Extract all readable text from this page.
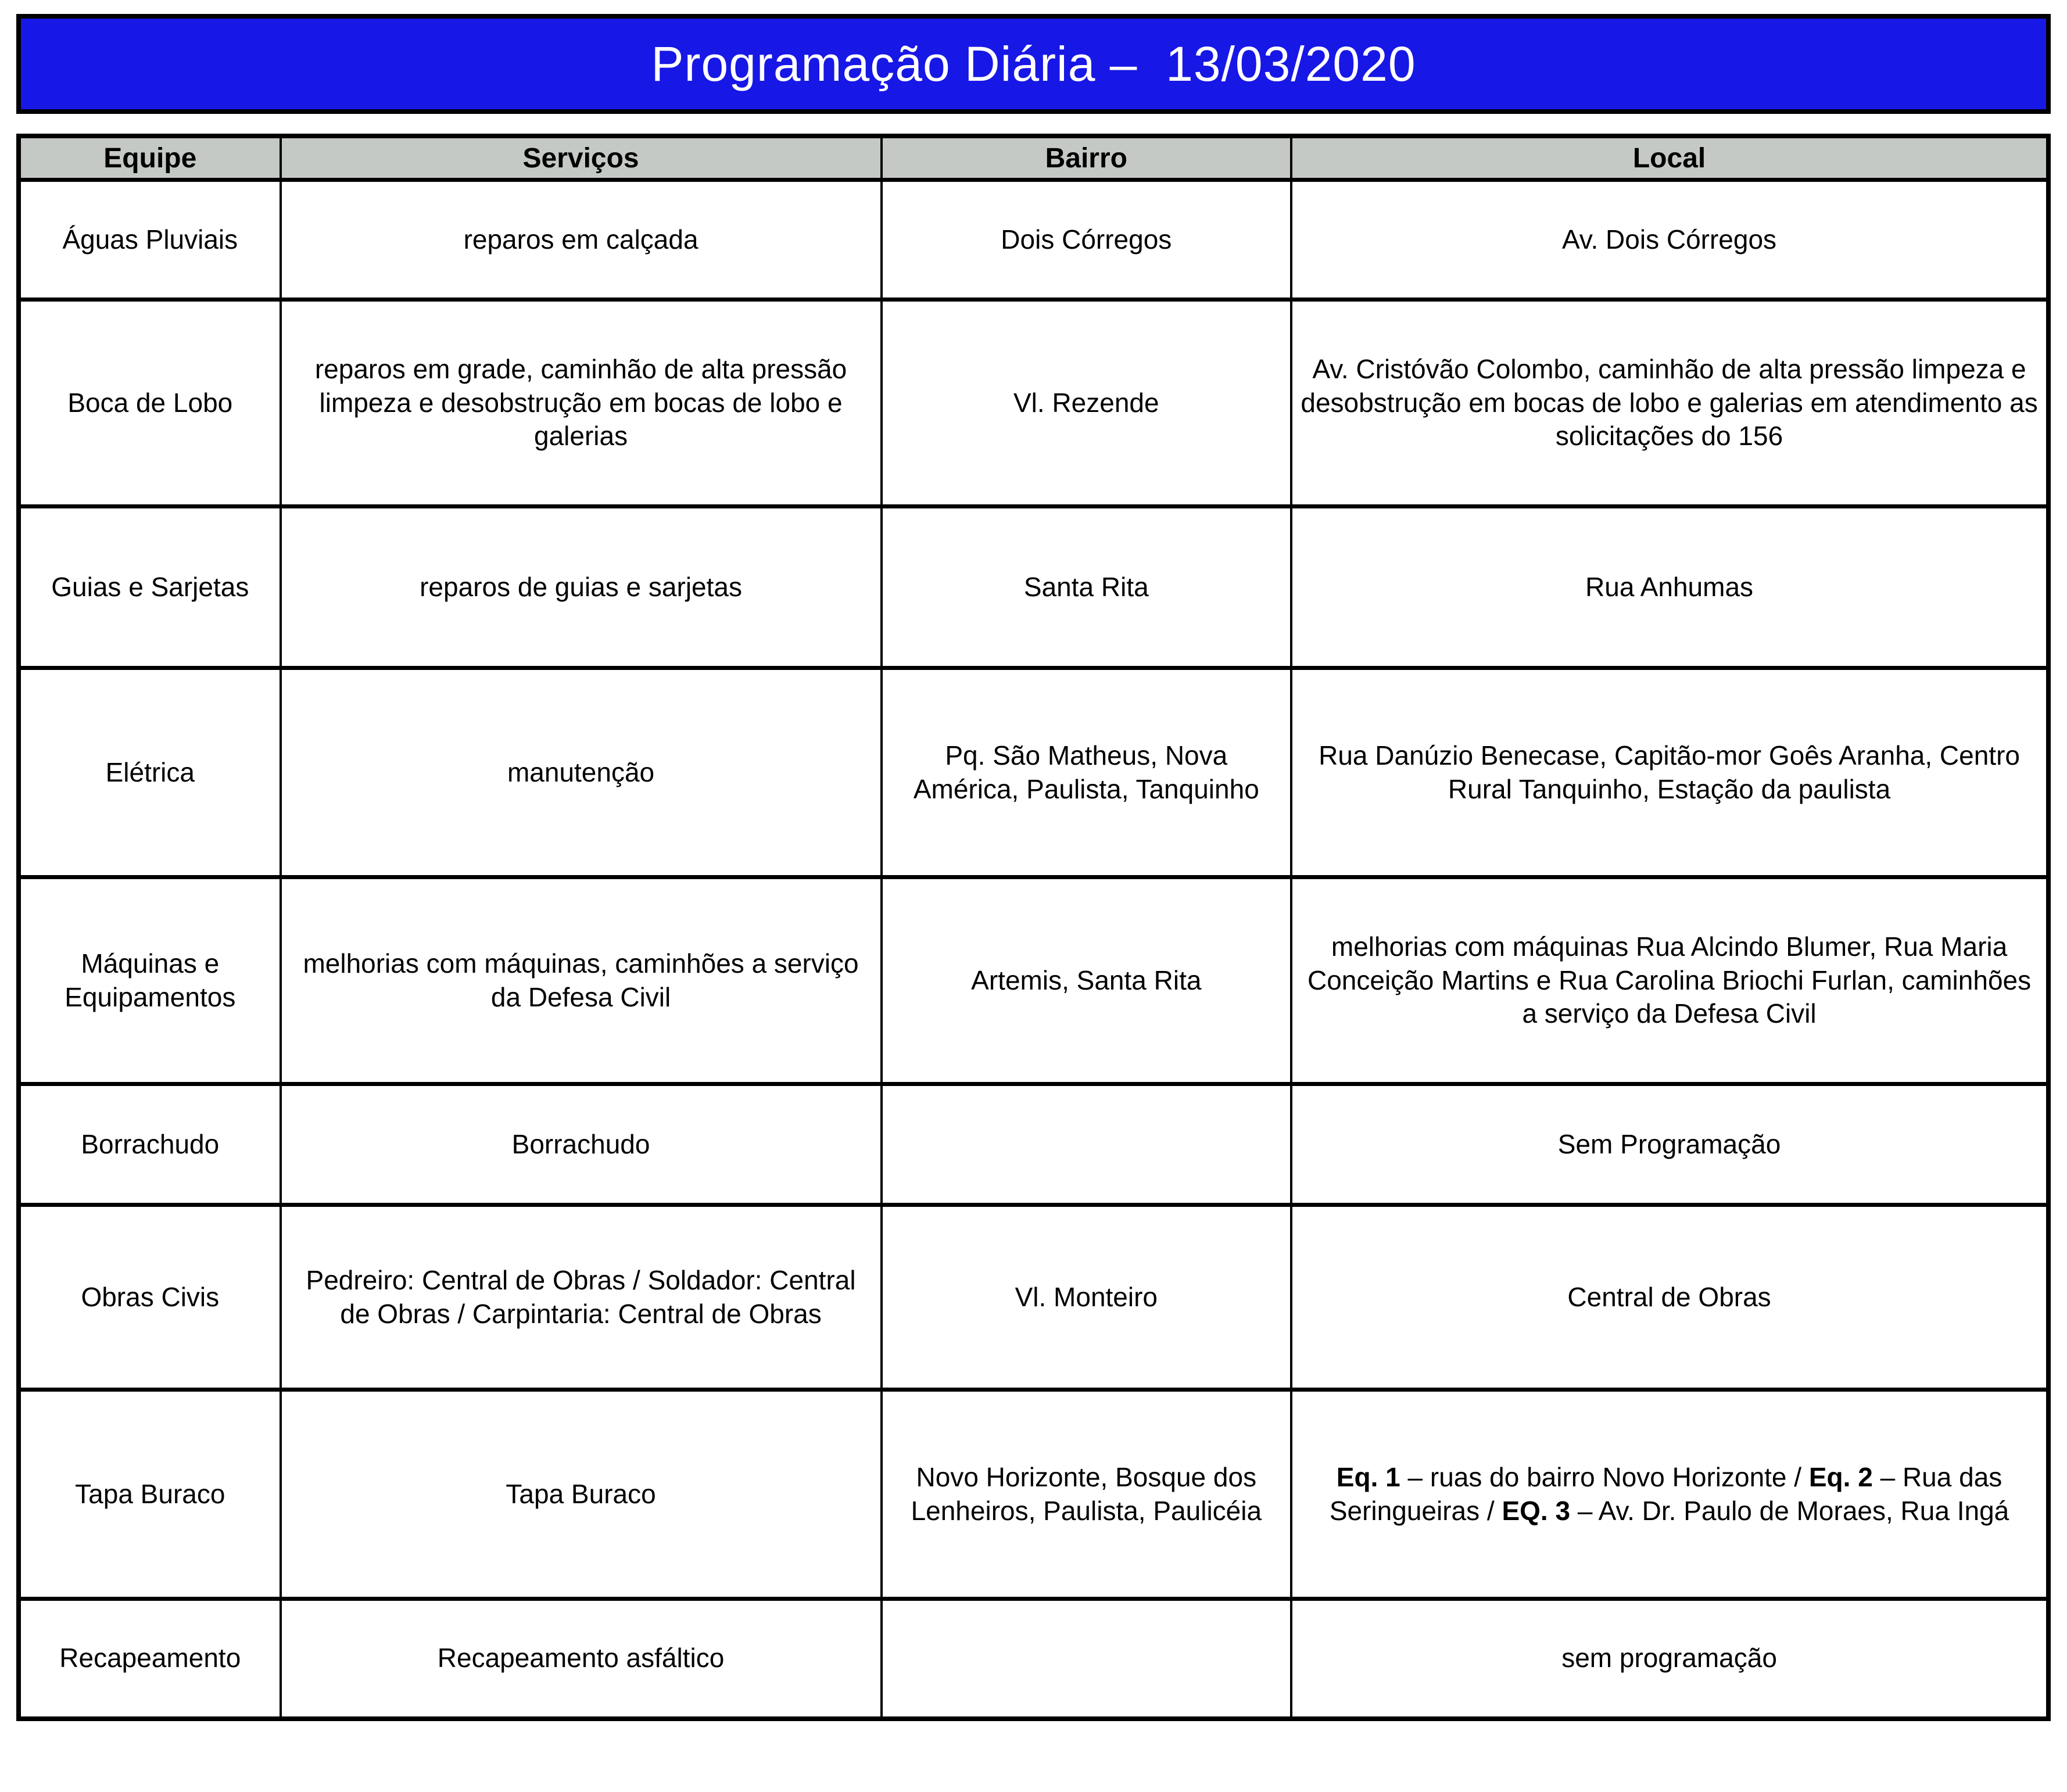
Programação Diária –  13/03/2020
Equipe	Serviços	Bairro	Local
Águas Pluviais	reparos em calçada	Dois Córregos	Av. Dois Córregos
Boca de Lobo	reparos em grade, caminhão de alta pressão limpeza e desobstrução em bocas de lobo e galerias	Vl. Rezende	Av. Cristóvão Colombo, caminhão de alta pressão limpeza e desobstrução em bocas de lobo e galerias em atendimento as solicitações do 156
Guias e Sarjetas	reparos de guias e sarjetas	Santa Rita	Rua Anhumas
Elétrica	manutenção	Pq. São Matheus, Nova América, Paulista, Tanquinho	Rua Danúzio Benecase, Capitão-mor Goês Aranha, Centro Rural Tanquinho, Estação da paulista
Máquinas e Equipamentos	melhorias com máquinas, caminhões a serviço da Defesa Civil	Artemis, Santa Rita	melhorias com máquinas Rua Alcindo Blumer, Rua Maria Conceição Martins e Rua Carolina Briochi Furlan, caminhões a serviço da Defesa Civil
Borrachudo	Borrachudo		Sem Programação
Obras Civis	Pedreiro: Central de Obras / Soldador: Central de Obras / Carpintaria: Central de Obras	Vl. Monteiro	Central de Obras
Tapa Buraco	Tapa Buraco	Novo Horizonte, Bosque dos Lenheiros, Paulista, Paulicéia	Eq. 1 – ruas do bairro Novo Horizonte / Eq. 2 – Rua das Seringueiras / EQ. 3 – Av. Dr. Paulo de Moraes, Rua Ingá
Recapeamento	Recapeamento asfáltico		sem programação
